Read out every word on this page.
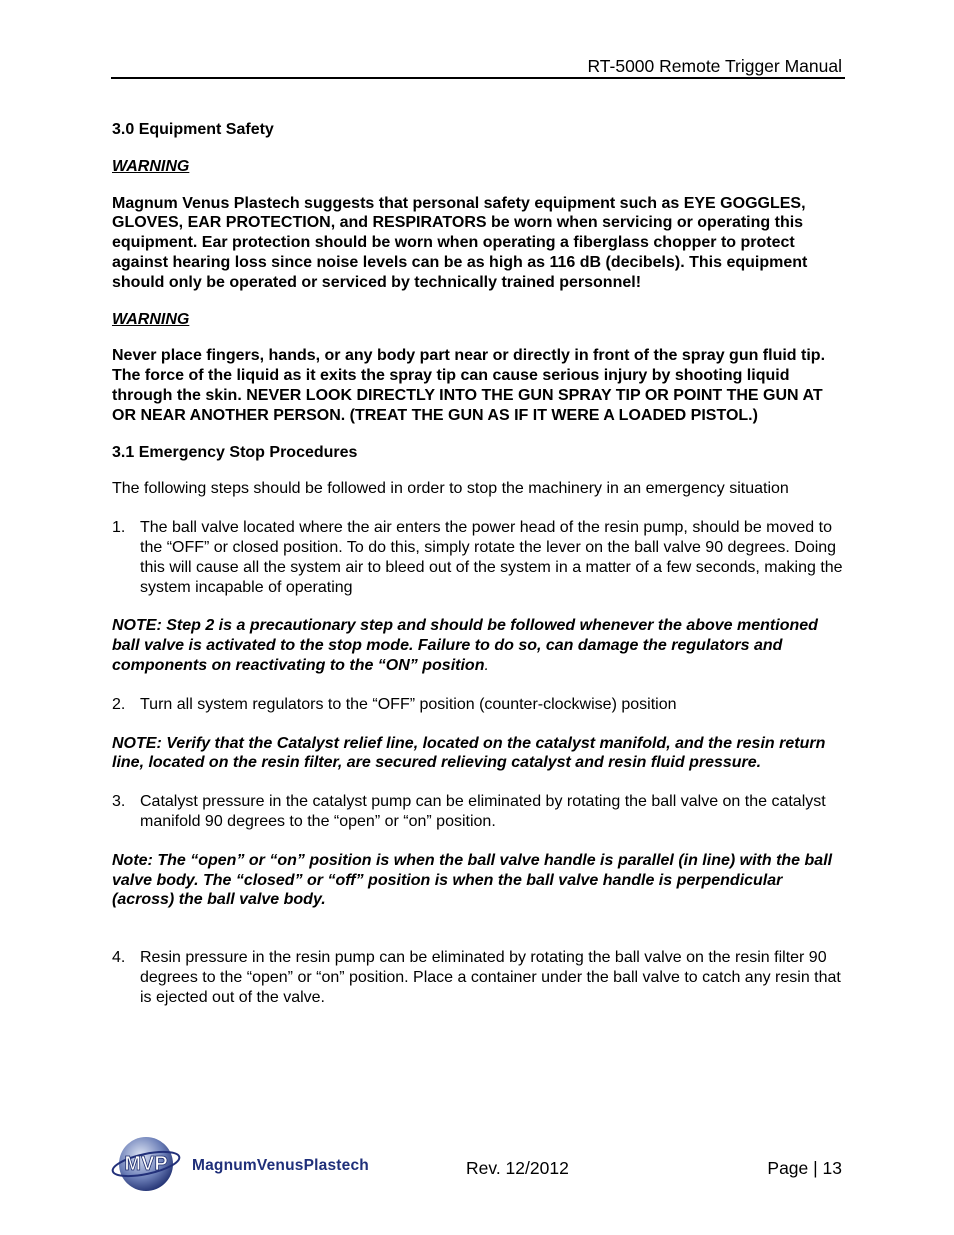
RT-5000 Remote Trigger Manual

3.0 Equipment Safety

WARNING

Magnum Venus Plastech suggests that personal safety equipment such as EYE GOGGLES, GLOVES, EAR PROTECTION, and RESPIRATORS be worn when servicing or operating this equipment. Ear protection should be worn when operating a fiberglass chopper to protect against hearing loss since noise levels can be as high as 116 dB (decibels). This equipment should only be operated or serviced by technically trained personnel!

WARNING

Never place fingers, hands, or any body part near or directly in front of the spray gun fluid tip. The force of the liquid as it exits the spray tip can cause serious injury by shooting liquid through the skin. NEVER LOOK DIRECTLY INTO THE GUN SPRAY TIP OR POINT THE GUN AT OR NEAR ANOTHER PERSON. (TREAT THE GUN AS IF IT WERE A LOADED PISTOL.)

3.1 Emergency Stop Procedures

The following steps should be followed in order to stop the machinery in an emergency situation

1. The ball valve located where the air enters the power head of the resin pump, should be moved to the “OFF” or closed position. To do this, simply rotate the lever on the ball valve 90 degrees. Doing this will cause all the system air to bleed out of the system in a matter of a few seconds, making the system incapable of operating

NOTE: Step 2 is a precautionary step and should be followed whenever the above mentioned ball valve is activated to the stop mode. Failure to do so, can damage the regulators and components on reactivating to the “ON” position.

2. Turn all system regulators to the “OFF” position (counter-clockwise) position

NOTE: Verify that the Catalyst relief line, located on the catalyst manifold, and the resin return line, located on the resin filter, are secured relieving catalyst and resin fluid pressure.

3. Catalyst pressure in the catalyst pump can be eliminated by rotating the ball valve on the catalyst manifold 90 degrees to the “open” or “on” position.

Note: The “open” or “on” position is when the ball valve handle is parallel (in line) with the ball valve body. The “closed” or “off” position is when the ball valve handle is perpendicular (across) the ball valve body.

4. Resin pressure in the resin pump can be eliminated by rotating the ball valve on the resin filter 90 degrees to the “open” or “on” position. Place a container under the ball valve to catch any resin that is ejected out of the valve.

MVP MagnumVenusPlastech	Rev. 12/2012	Page | 13
